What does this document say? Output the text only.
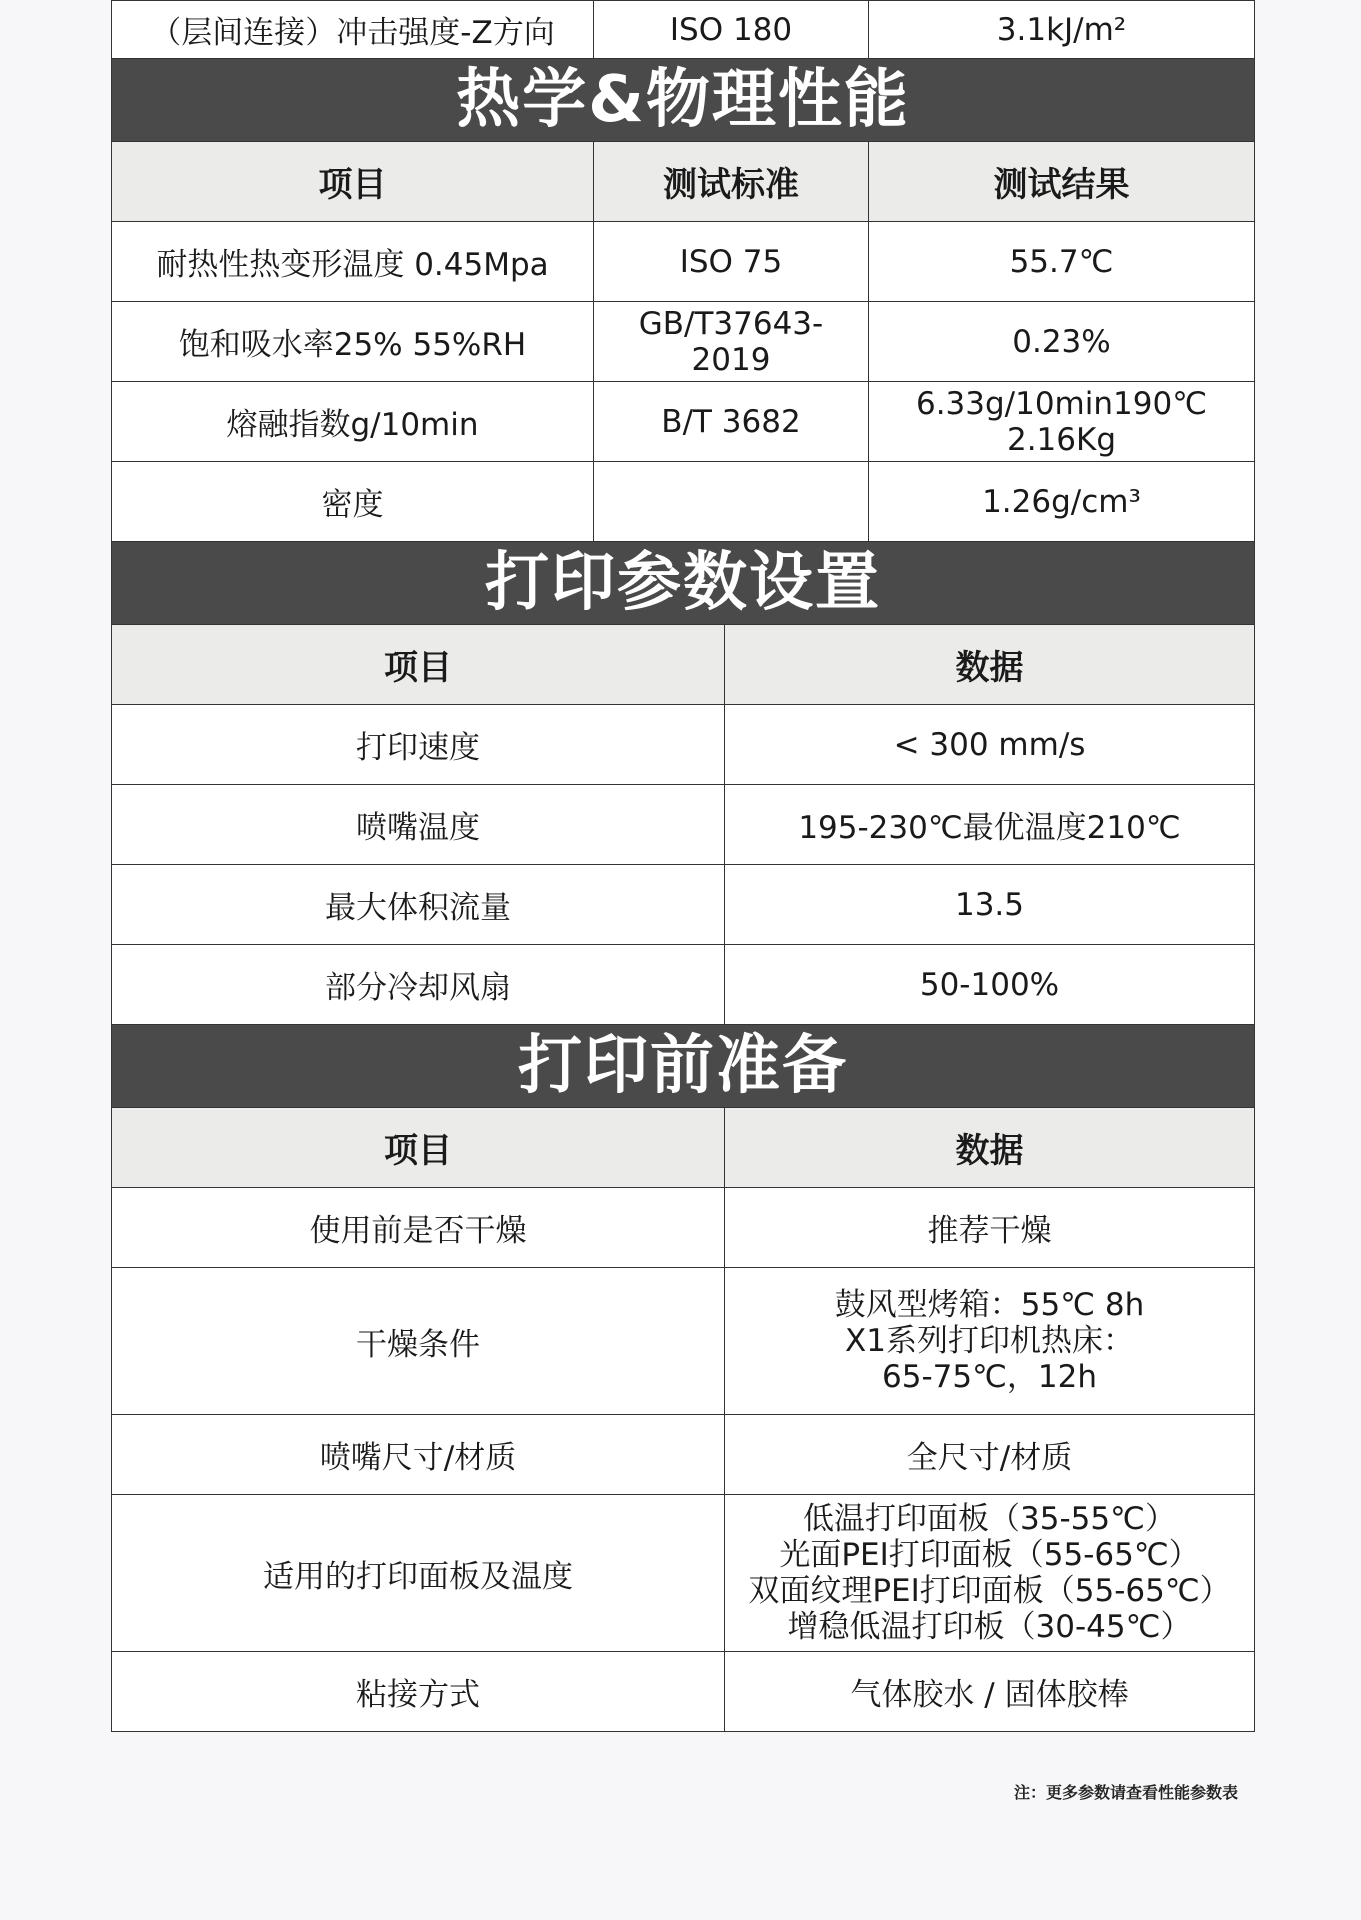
（层间连接）冲击强度-Z方向	ISO 180	3.1kJ/m²
热学&物理性能
项目	测试标准	测试结果
耐热性热变形温度 0.45Mpa	ISO 75	55.7℃
饱和吸水率25% 55%RH	GB/T37643-2019	0.23%
熔融指数g/10min	B/T 3682	6.33g/10min190℃
2.16Kg

密度		1.26g/cm³
打印参数设置
项目	数据
打印速度	< 300 mm/s
喷嘴温度	195-230℃最优温度210℃
最大体积流量	13.5
部分冷却风扇	50-100%
打印前准备
项目	数据
使用前是否干燥	推荐干燥
干燥条件	鼓风型烤箱：55℃ 8h
X1系列打印机热床：
65-75℃，12h

喷嘴尺寸/材质	全尺寸/材质
适用的打印面板及温度	低温打印面板（35-55℃）
光面PEI打印面板（55-65℃）
双面纹理PEI打印面板（55-65℃）
增稳低温打印板（30-45℃）

粘接方式	气体胶水 / 固体胶棒
注：更多参数请查看性能参数表
